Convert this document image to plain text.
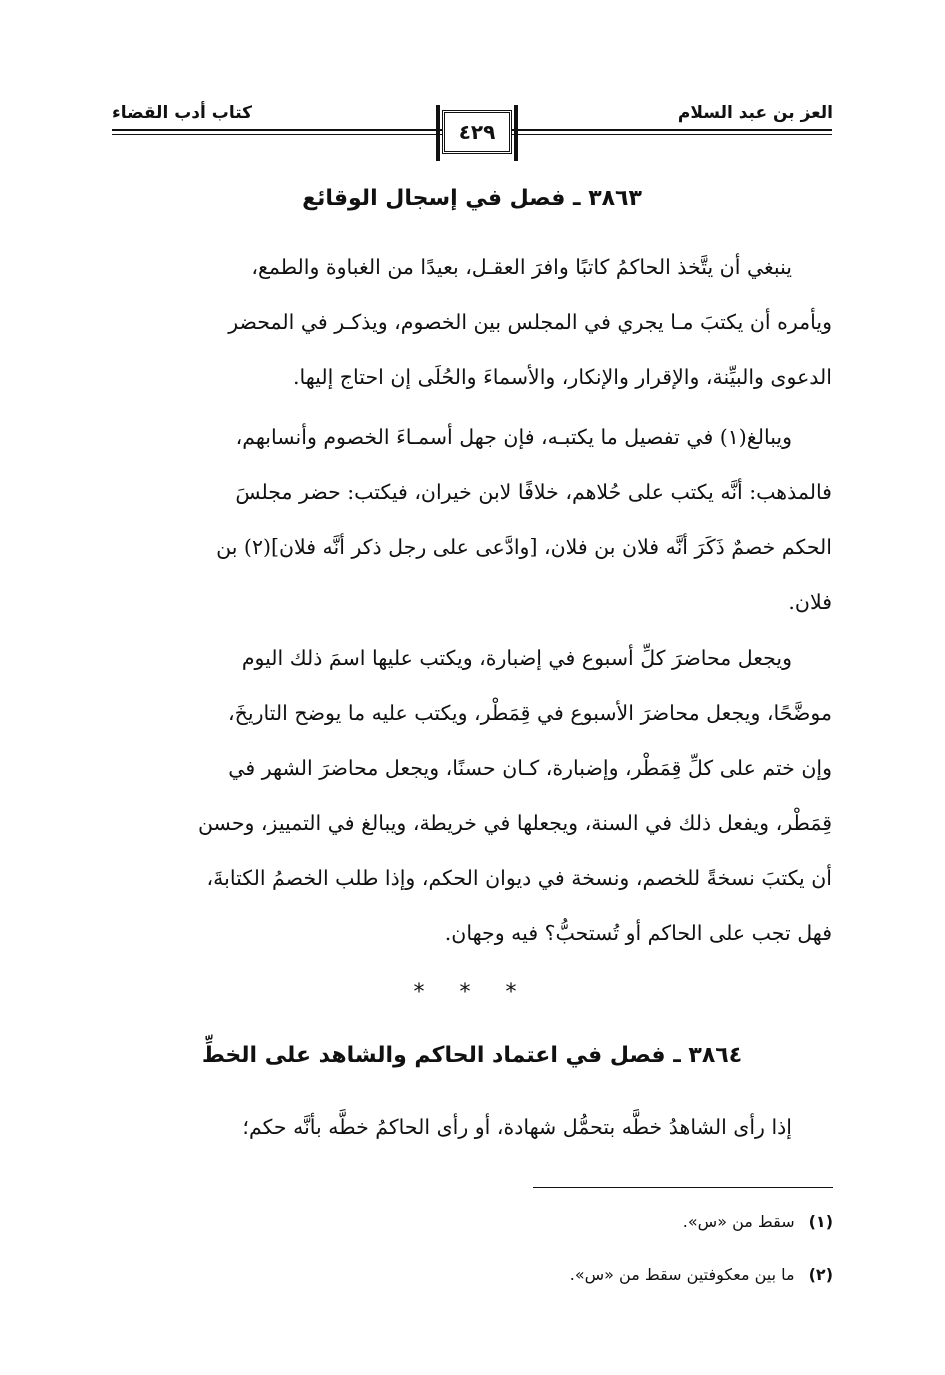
العز بن عبد السلام
كتاب أدب القضاء
٤٢٩
٣٨٦٣ ـ فصل في إسجال الوقائع
ينبغي أن يتَّخذ الحاكمُ كاتبًا وافرَ العقـل، بعيدًا من الغباوة والطمع،
ويأمره أن يكتبَ مـا يجري في المجلس بين الخصوم، ويذكـر في المحضر
الدعوى والبيِّنة، والإقرار والإنكار، والأسماءَ والحُلَى إن احتاج إليها.
ويبالغ(١) في تفصيل ما يكتبـه، فإن جهل أسمـاءَ الخصوم وأنسابهم،
فالمذهب: أنَّه يكتب على حُلاهم، خلافًا لابن خيران، فيكتب: حضر مجلسَ
الحكم خصمٌ ذَكَرَ أنَّه فلان بن فلان، [وادَّعى على رجل ذكر أنَّه فلان](٢) بن
فلان.
ويجعل محاضرَ كلِّ أسبوع في إضبارة، ويكتب عليها اسمَ ذلك اليوم
موضَّحًا، ويجعل محاضرَ الأسبوع في قِمَطْر، ويكتب عليه ما يوضح التاريخَ،
وإن ختم على كلِّ قِمَطْر، وإضبارة، كـان حسنًا، ويجعل محاضرَ الشهر في
قِمَطْر، ويفعل ذلك في السنة، ويجعلها في خريطة، ويبالغ في التمييز، وحسن
أن يكتبَ نسخةً للخصم، ونسخة في ديوان الحكم، وإذا طلب الخصمُ الكتابةَ،
فهل تجب على الحاكم أو تُستحبُّ؟ فيه وجهان.
* * *
٣٨٦٤ ـ فصل في اعتماد الحاكم والشاهد على الخطِّ
إذا رأى الشاهدُ خطَّه بتحمُّل شهادة، أو رأى الحاكمُ خطَّه بأنَّه حكم؛
(١)سقط من «س».
(٢)ما بين معكوفتين سقط من «س».
